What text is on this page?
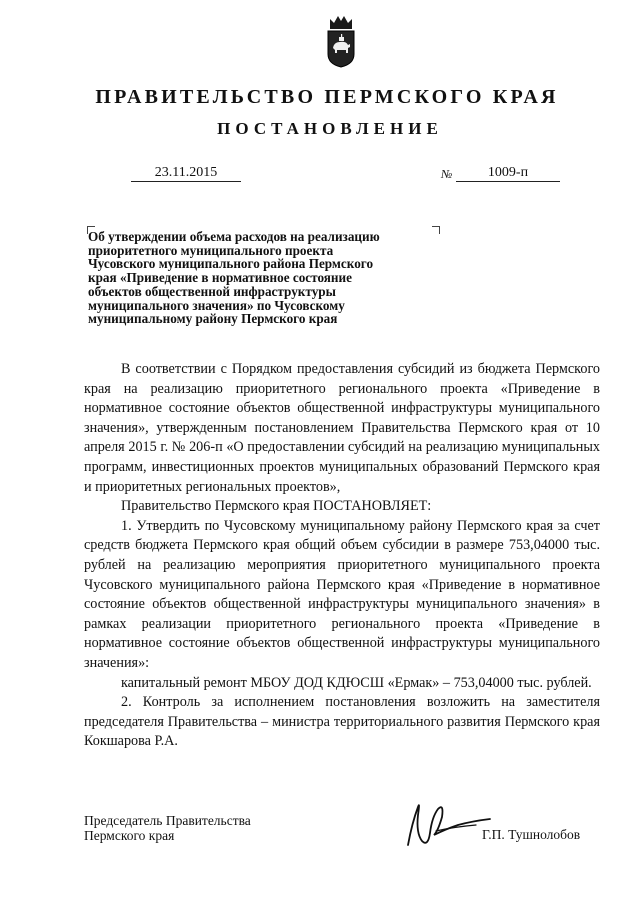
ПРАВИТЕЛЬСТВО ПЕРМСКОГО КРАЯ
ПОСТАНОВЛЕНИЕ
23.11.2015	№	1009-п
Об утверждении объема расходов на реализацию
приоритетного муниципального проекта
Чусовского муниципального района Пермского
края «Приведение в нормативное состояние
объектов общественной инфраструктуры
муниципального значения» по Чусовскому
муниципальному району Пермского края
В соответствии с Порядком предоставления субсидий из бюджета Пермского края на реализацию приоритетного регионального проекта «Приведение в нормативное состояние объектов общественной инфраструктуры муниципального значения», утвержденным постановлением Правительства Пермского края от 10 апреля 2015 г. № 206-п «О предоставлении субсидий на реализацию муниципальных программ, инвестиционных проектов муниципальных образований Пермского края и приоритетных региональных проектов»,
Правительство Пермского края ПОСТАНОВЛЯЕТ:
1. Утвердить по Чусовскому муниципальному району Пермского края за счет средств бюджета Пермского края общий объем субсидии в размере 753,04000 тыс. рублей на реализацию мероприятия приоритетного муниципального проекта Чусовского муниципального района Пермского края «Приведение в нормативное состояние объектов общественной инфраструктуры муниципального значения» в рамках реализации приоритетного регионального проекта «Приведение в нормативное состояние объектов общественной инфраструктуры муниципального значения»:
капитальный ремонт МБОУ ДОД КДЮСШ «Ермак» – 753,04000 тыс. рублей.
2. Контроль за исполнением постановления возложить на заместителя председателя Правительства – министра территориального развития Пермского края Кокшарова Р.А.
Председатель Правительства
Пермского края	Г.П. Тушнолобов
